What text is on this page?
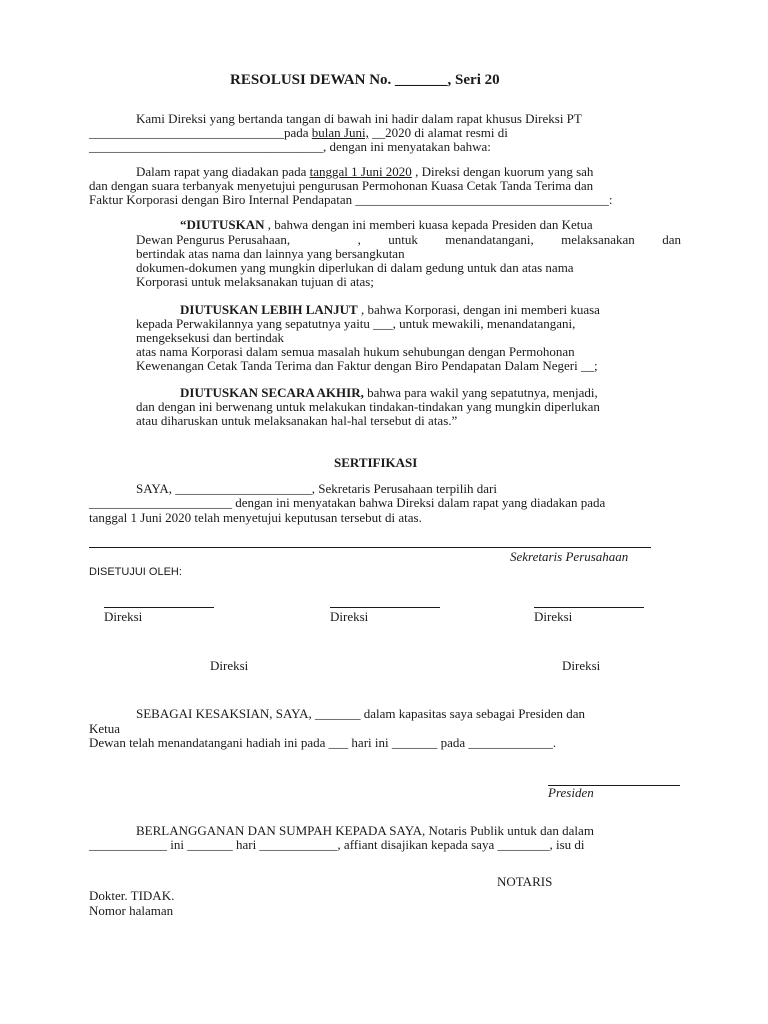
RESOLUSI DEWAN No. _______, Seri 20
Kami Direksi yang bertanda tangan di bawah ini hadir dalam rapat khusus Direksi PT
______________________________pada bulan Juni, __2020 di alamat resmi di
____________________________________, dengan ini menyatakan bahwa:
Dalam rapat yang diadakan pada tanggal 1 Juni 2020 , Direksi dengan kuorum yang sah
dan dengan suara terbanyak menyetujui pengurusan Permohonan Kuasa Cetak Tanda Terima dan
Faktur Korporasi dengan Biro Internal Pendapatan _______________________________________:
“DIUTUSKAN , bahwa dengan ini memberi kuasa kepada Presiden dan Ketua
Dewan Pengurus Perusahaan,	, untuk menandatangani, melaksanakan dan
bertindak atas nama dan lainnya yang bersangkutan
dokumen-dokumen yang mungkin diperlukan di dalam gedung untuk dan atas nama
Korporasi untuk melaksanakan tujuan di atas;
DIUTUSKAN LEBIH LANJUT , bahwa Korporasi, dengan ini memberi kuasa
kepada Perwakilannya yang sepatutnya yaitu ___, untuk mewakili, menandatangani,
mengeksekusi dan bertindak
atas nama Korporasi dalam semua masalah hukum sehubungan dengan Permohonan
Kewenangan Cetak Tanda Terima dan Faktur dengan Biro Pendapatan Dalam Negeri __;
DIUTUSKAN SECARA AKHIR, bahwa para wakil yang sepatutnya, menjadi,
dan dengan ini berwenang untuk melakukan tindakan-tindakan yang mungkin diperlukan
atau diharuskan untuk melaksanakan hal-hal tersebut di atas.”
SERTIFIKASI
SAYA, _____________________, Sekretaris Perusahaan terpilih dari
______________________ dengan ini menyatakan bahwa Direksi dalam rapat yang diadakan pada
tanggal 1 Juni 2020 telah menyetujui keputusan tersebut di atas.
Sekretaris Perusahaan
DISETUJUI OLEH:
Direksi	Direksi	Direksi
Direksi	Direksi
SEBAGAI KESAKSIAN, SAYA, _______ dalam kapasitas saya sebagai Presiden dan
Ketua
Dewan telah menandatangani hadiah ini pada ___ hari ini _______ pada _____________.
Presiden
BERLANGGANAN DAN SUMPAH KEPADA SAYA, Notaris Publik untuk dan dalam
____________ ini _______ hari ____________, affiant disajikan kepada saya ________, isu di
NOTARIS
Dokter. TIDAK.
Nomor halaman
